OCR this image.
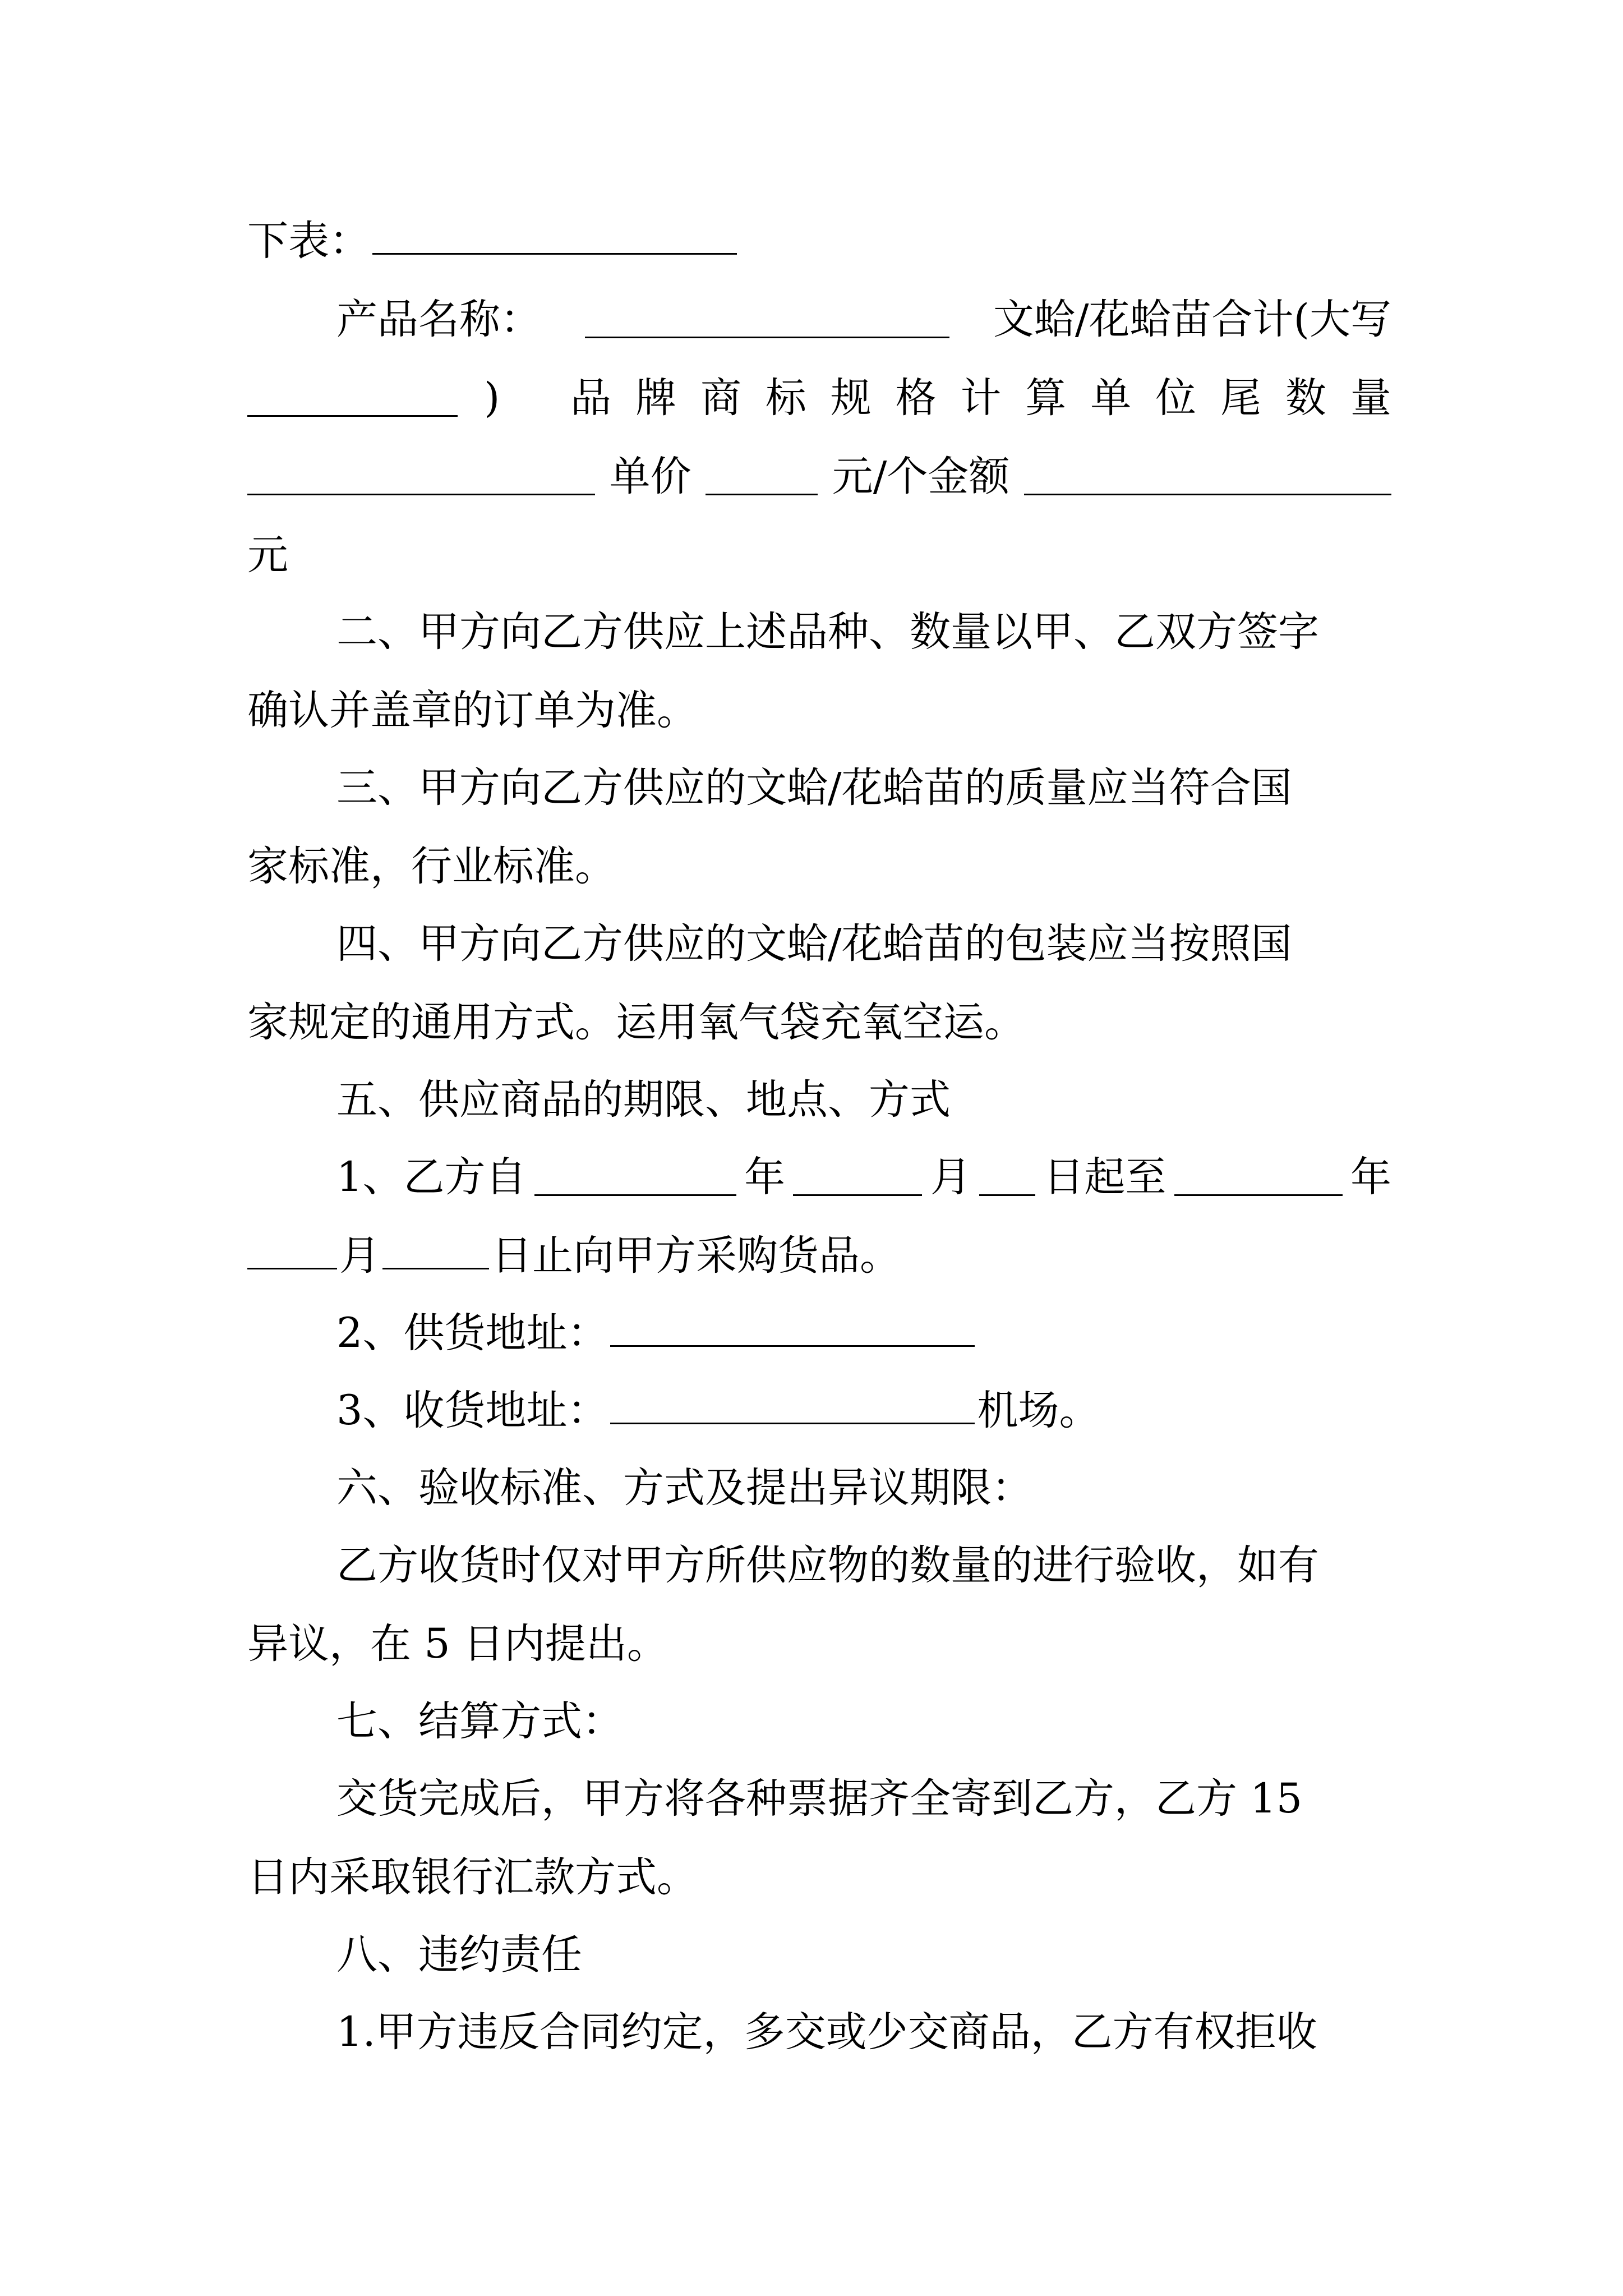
下表：
产品名称：	文蛤/花蛤苗合计(大写
) 品 牌 商 标 规 格 计 算 单 位 尾 数 量
单价	元/个金额
元
二、甲方向乙方供应上述品种、数量以甲、乙双方签字
确认并盖章的订单为准。
三、甲方向乙方供应的文蛤/花蛤苗的质量应当符合国
家标准，行业标准。
四、甲方向乙方供应的文蛤/花蛤苗的包装应当按照国
家规定的通用方式。运用氧气袋充氧空运。
五、供应商品的期限、地点、方式
1、乙方自	年	月 日起至	年
月	日止向甲方采购货品。
2、供货地址：
3、收货地址：	机场。
六、验收标准、方式及提出异议期限：
乙方收货时仅对甲方所供应物的数量的进行验收，如有
异议，在 5 日内提出。
七、结算方式：
交货完成后，甲方将各种票据齐全寄到乙方，乙方 15
日内采取银行汇款方式。
八、违约责任
1.甲方违反合同约定，多交或少交商品，乙方有权拒收
